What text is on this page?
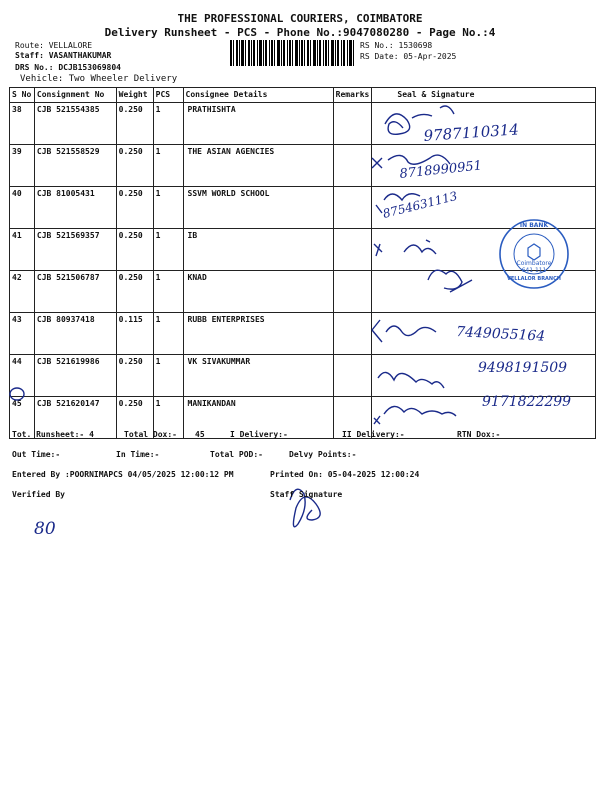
THE PROFESSIONAL COURIERS, COIMBATORE
Delivery Runsheet - PCS - Phone No.:9047080280 - Page No.:4
Route: VELLALORE
Staff: VASANTHAKUMAR
DRS No.: DCJB153069804
Vehicle: Two Wheeler Delivery
RS No.: 1530698
RS Date: 05-Apr-2025
S No	Consignment No	Weight	PCS	Consignee Details	Remarks	Seal & Signature
38	CJB 521554385	0.250	1	PRATHISHTA		
39	CJB 521558529	0.250	1	THE ASIAN AGENCIES		
40	CJB 81005431	0.250	1	SSVM WORLD SCHOOL		
41	CJB 521569357	0.250	1	IB		
42	CJB 521506787	0.250	1	KNAD		
43	CJB 80937418	0.115	1	RUBB ENTERPRISES		
44	CJB 521619986	0.250	1	VK SIVAKUMMAR		
45	CJB 521620147	0.250	1	MANIKANDAN		
9787110314
8718990951
8754631113
7449055164
9498191509
9171822299
80
IN BANK
Coimbatore
641 111
VELLALOR BRANCH
Tot. Runsheet:- 4	Total Dox:- 45	I Delivery:-	II Delivery:-	RTN Dox:-
Out Time:-	In Time:-	Total POD:-	Delvy Points:-
Entered By :POORNIMAPCS 04/05/2025 12:00:12 PM	Printed On: 05-04-2025 12:00:24
Verified By	Staff Signature
